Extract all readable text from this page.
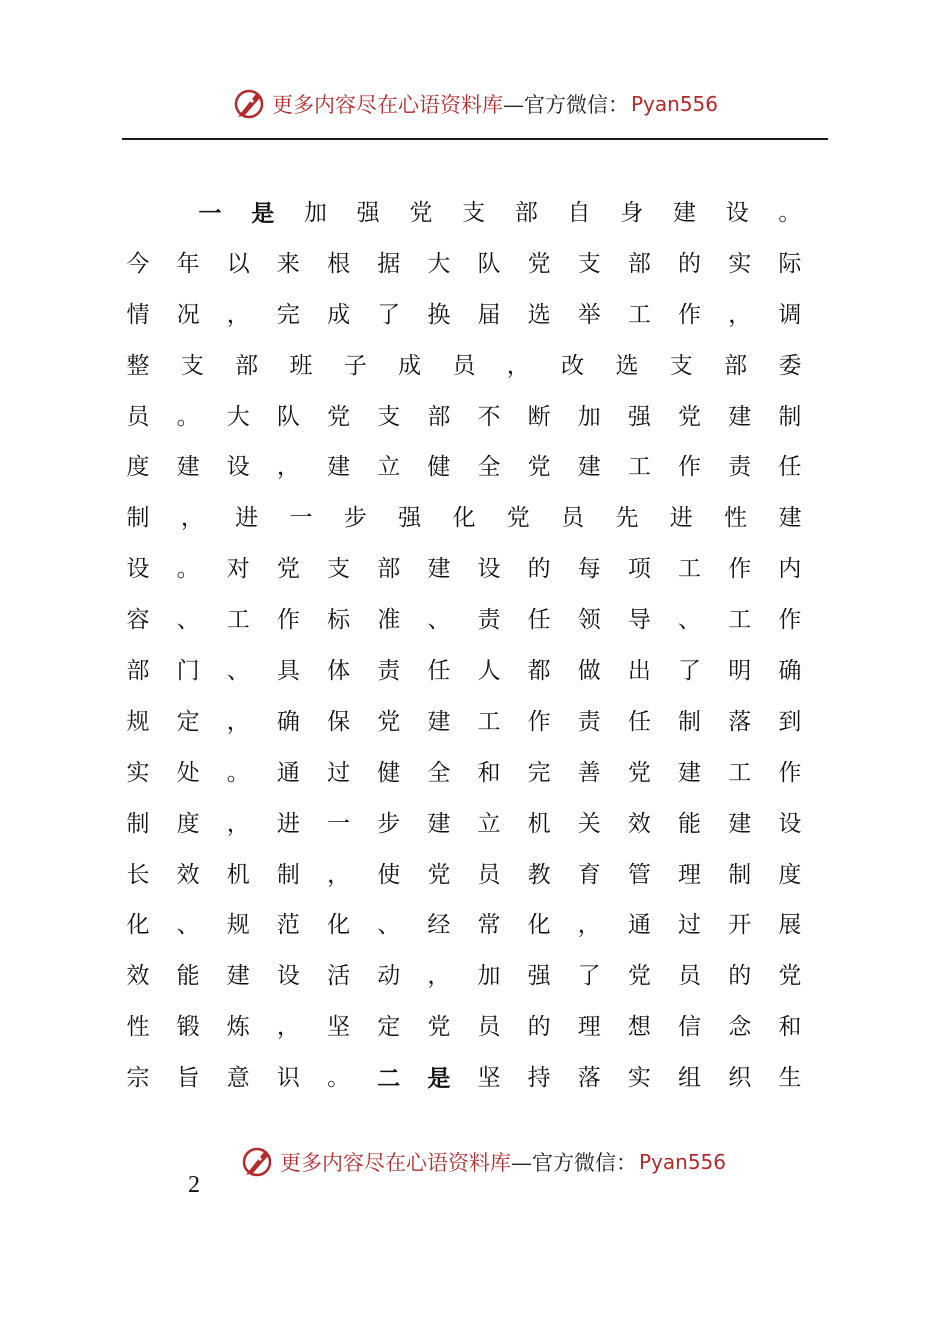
更多内容尽在心语资料库 —官方微信： Pyan556
一 是 加 强 党 支 部 自 身 建 设 。
今 年 以 来 根 据 大 队 党 支 部 的 实 际
情 况 ， 完 成 了 换 届 选 举 工 作 ， 调
整 支 部 班 子 成 员 ， 改 选 支 部 委
员 。 大 队 党 支 部 不 断 加 强 党 建 制
度 建 设 ， 建 立 健 全 党 建 工 作 责 任
制 ， 进 一 步 强 化 党 员 先 进 性 建
设 。 对 党 支 部 建 设 的 每 项 工 作 内
容 、 工 作 标 准 、 责 任 领 导 、 工 作
部 门 、 具 体 责 任 人 都 做 出 了 明 确
规 定 ， 确 保 党 建 工 作 责 任 制 落 到
实 处 。 通 过 健 全 和 完 善 党 建 工 作
制 度 ， 进 一 步 建 立 机 关 效 能 建 设
长 效 机 制 ， 使 党 员 教 育 管 理 制 度
化 、 规 范 化 、 经 常 化 ， 通 过 开 展
效 能 建 设 活 动 ， 加 强 了 党 员 的 党
性 锻 炼 ， 坚 定 党 员 的 理 想 信 念 和
宗 旨 意 识 。 二 是 坚 持 落 实 组 织 生
更多内容尽在心语资料库 —官方微信： Pyan556
2
